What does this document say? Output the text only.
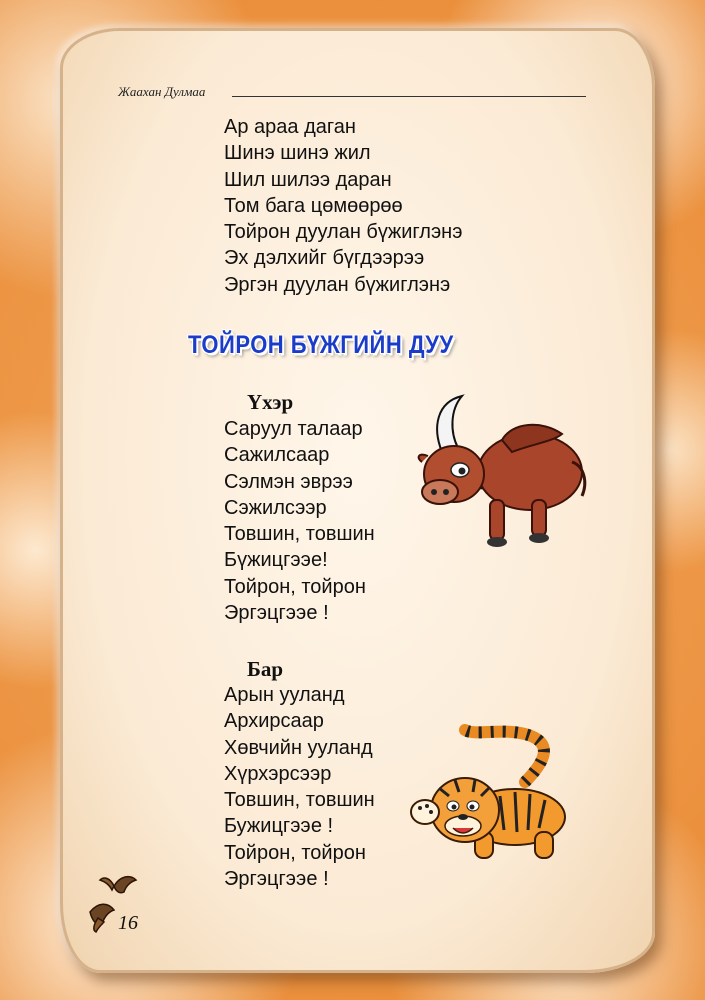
Жаахан Дулмаа
Ар араа даган
Шинэ шинэ жил
Шил шилээ даран
Том бага цөмөөрөө
Тойрон дуулан бүжиглэнэ
Эх дэлхийг бүгдээрээ
Эргэн дуулан бүжиглэнэ
ТОЙРОН БҮЖГИЙН ДУУ
Үхэр
Саруул талаар
Сажилсаар
Сэлмэн эврээ
Сэжилсээр
Товшин, товшин
Бүжицгээе!
Тойрон, тойрон
Эргэцгээе !
Бар
Арын ууланд
Архирсаар
Хөвчийн ууланд
Хүрхэрсээр
Товшин, товшин
Бужицгээе !
Тойрон, тойрон
Эргэцгээе !
16
